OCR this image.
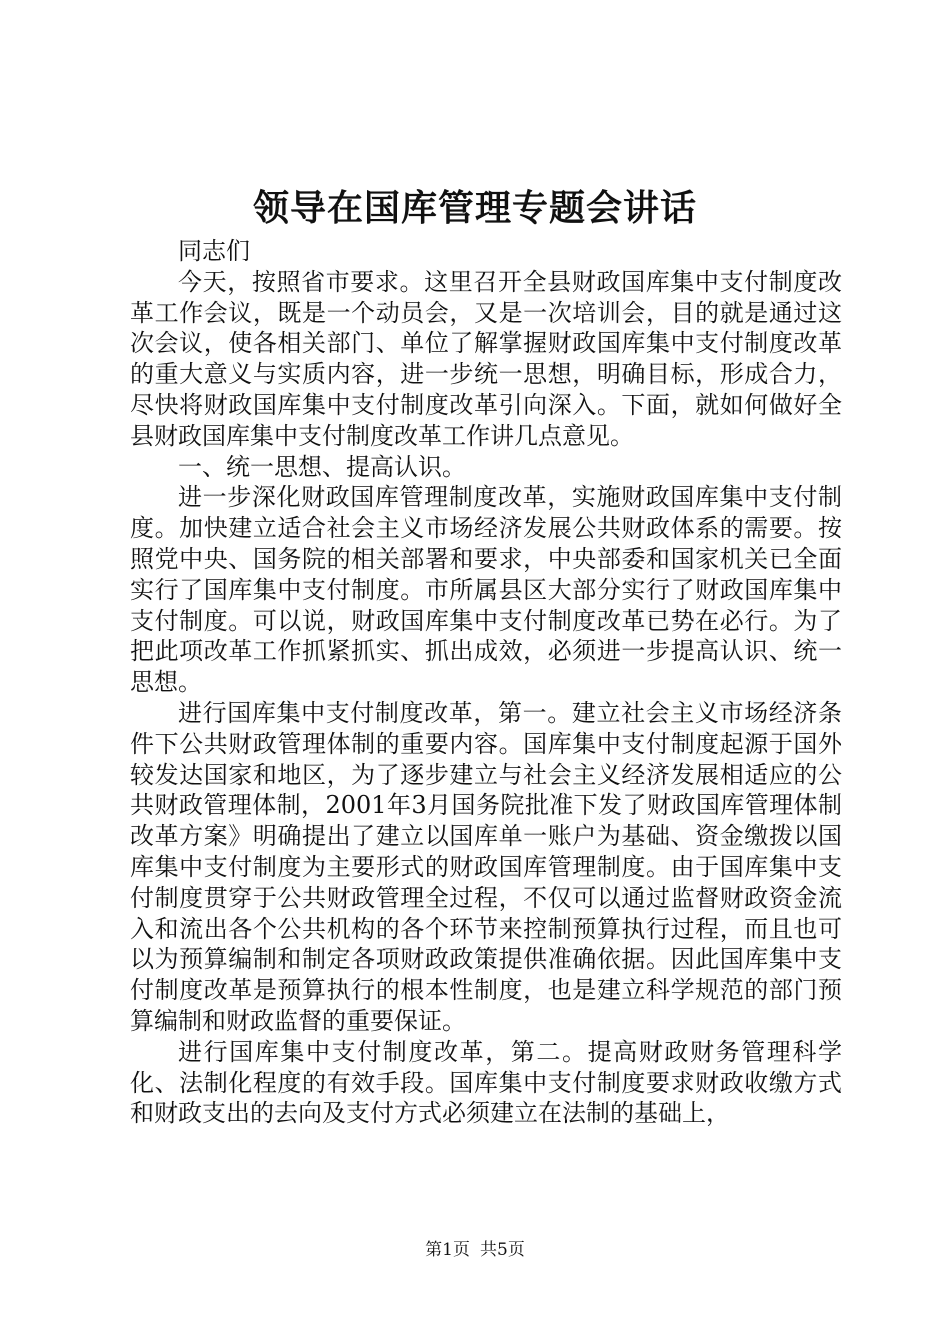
领导在国库管理专题会讲话

同志们

今天，按照省市要求。这里召开全县财政国库集中支付制度改革工作会议，既是一个动员会，又是一次培训会，目的就是通过这次会议，使各相关部门、单位了解掌握财政国库集中支付制度改革的重大意义与实质内容，进一步统一思想，明确目标，形成合力，尽快将财政国库集中支付制度改革引向深入。下面，就如何做好全县财政国库集中支付制度改革工作讲几点意见。

一、统一思想、提高认识。

进一步深化财政国库管理制度改革，实施财政国库集中支付制度。加快建立适合社会主义市场经济发展公共财政体系的需要。按照党中央、国务院的相关部署和要求，中央部委和国家机关已全面实行了国库集中支付制度。市所属县区大部分实行了财政国库集中支付制度。可以说，财政国库集中支付制度改革已势在必行。为了把此项改革工作抓紧抓实、抓出成效，必须进一步提高认识、统一思想。

进行国库集中支付制度改革，第一。建立社会主义市场经济条件下公共财政管理体制的重要内容。国库集中支付制度起源于国外较发达国家和地区，为了逐步建立与社会主义经济发展相适应的公共财政管理体制，2001年3月国务院批准下发了财政国库管理体制改革方案》明确提出了建立以国库单一账户为基础、资金缴拨以国库集中支付制度为主要形式的财政国库管理制度。由于国库集中支付制度贯穿于公共财政管理全过程，不仅可以通过监督财政资金流入和流出各个公共机构的各个环节来控制预算执行过程，而且也可以为预算编制和制定各项财政政策提供准确依据。因此国库集中支付制度改革是预算执行的根本性制度，也是建立科学规范的部门预算编制和财政监督的重要保证。

进行国库集中支付制度改革，第二。提高财政财务管理科学化、法制化程度的有效手段。国库集中支付制度要求财政收缴方式和财政支出的去向及支付方式必须建立在法制的基础上，

第1页 共5页
